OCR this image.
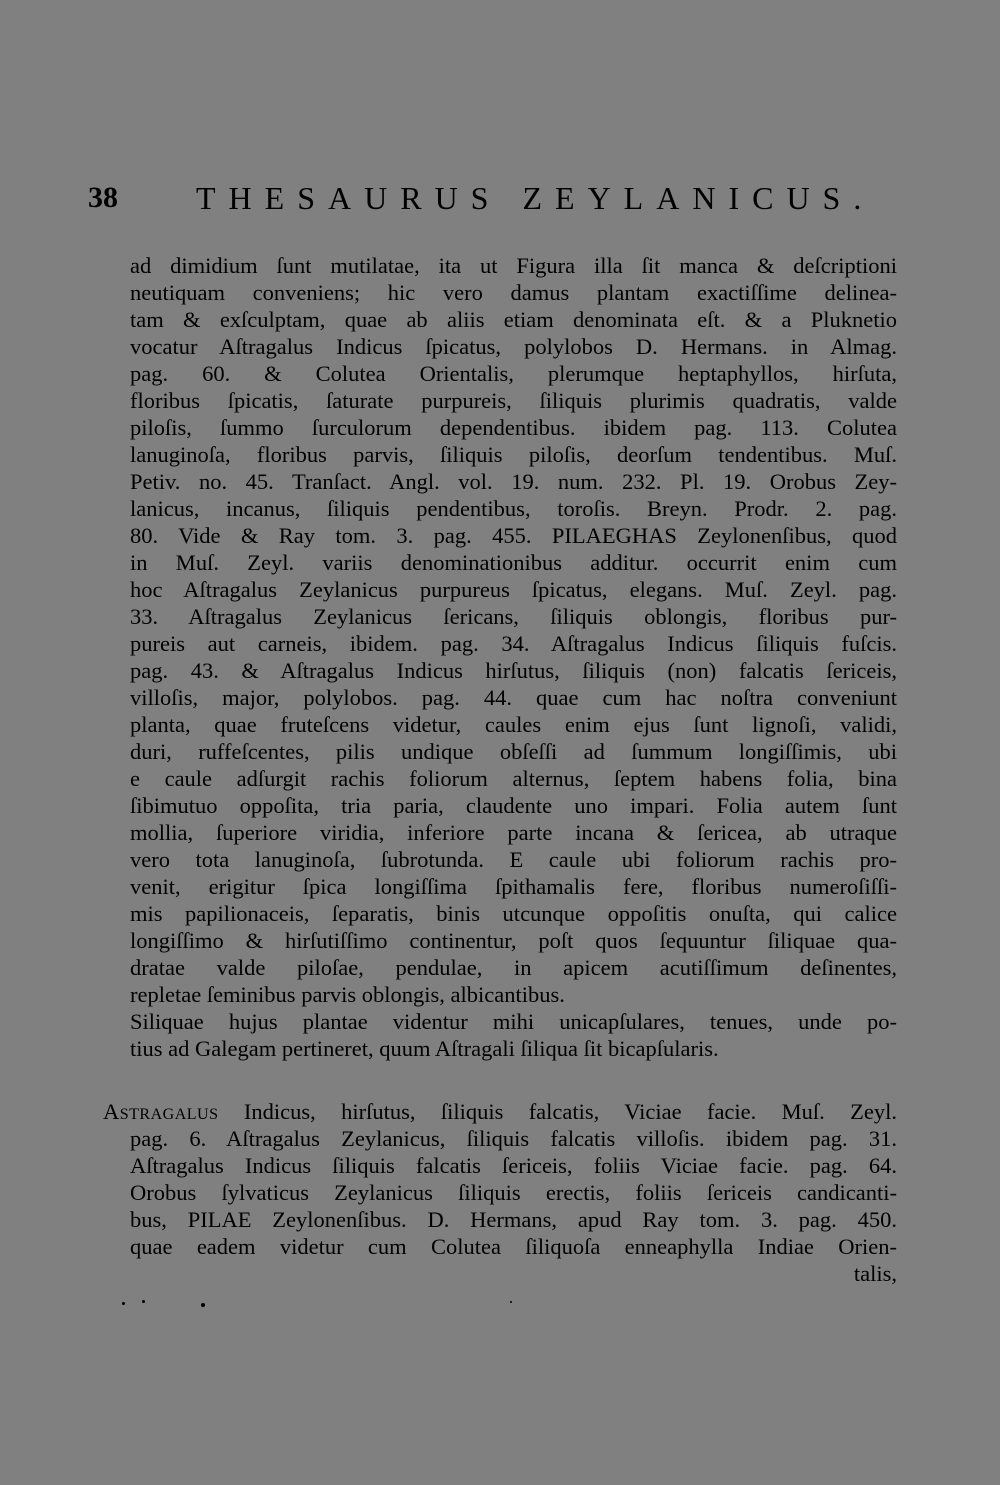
38 THESAURUS ZEYLANICUS.
ad dimidium ſunt mutilatae, ita ut Figura illa ſit manca & deſcriptioni
neutiquam conveniens; hic vero damus plantam exactiſſime delinea-
tam & exſculptam, quae ab aliis etiam denominata eſt. & a Pluknetio
vocatur Aſtragalus Indicus ſpicatus, polylobos D. Hermans. in Almag.
pag. 60. & Colutea Orientalis, plerumque heptaphyllos, hirſuta,
floribus ſpicatis, ſaturate purpureis, ſiliquis plurimis quadratis, valde
piloſis, ſummo ſurculorum dependentibus. ibidem pag. 113. Colutea
lanuginoſa, floribus parvis, ſiliquis piloſis, deorſum tendentibus. Muſ.
Petiv. no. 45. Tranſact. Angl. vol. 19. num. 232. Pl. 19. Orobus Zey-
lanicus, incanus, ſiliquis pendentibus, toroſis. Breyn. Prodr. 2. pag.
80. Vide & Ray tom. 3. pag. 455. PILAEGHAS Zeylonenſibus, quod
in Muſ. Zeyl. variis denominationibus additur. occurrit enim cum
hoc Aſtragalus Zeylanicus purpureus ſpicatus, elegans. Muſ. Zeyl. pag.
33. Aſtragalus Zeylanicus ſericans, ſiliquis oblongis, floribus pur-
pureis aut carneis, ibidem. pag. 34. Aſtragalus Indicus ſiliquis fuſcis.
pag. 43. & Aſtragalus Indicus hirſutus, ſiliquis (non) falcatis ſericeis,
villoſis, major, polylobos. pag. 44. quae cum hac noſtra conveniunt
planta, quae fruteſcens videtur, caules enim ejus ſunt lignoſi, validi,
duri, ruffeſcentes, pilis undique obſeſſi ad ſummum longiſſimis, ubi
e caule adſurgit rachis foliorum alternus, ſeptem habens folia, bina
ſibimutuo oppoſita, tria paria, claudente uno impari. Folia autem ſunt
mollia, ſuperiore viridia, inferiore parte incana & ſericea, ab utraque
vero tota lanuginoſa, ſubrotunda. E caule ubi foliorum rachis pro-
venit, erigitur ſpica longiſſima ſpithamalis fere, floribus numeroſiſſi-
mis papilionaceis, ſeparatis, binis utcunque oppoſitis onuſta, qui calice
longiſſimo & hirſutiſſimo continentur, poſt quos ſequuntur ſiliquae qua-
dratae valde piloſae, pendulae, in apicem acutiſſimum deſinentes,
repletae ſeminibus parvis oblongis, albicantibus.
Siliquae hujus plantae videntur mihi unicapſulares, tenues, unde po-
tius ad Galegam pertineret, quum Aſtragali ſiliqua ſit bicapſularis.
Astragalus Indicus, hirſutus, ſiliquis falcatis, Viciae facie. Muſ. Zeyl.
pag. 6. Aſtragalus Zeylanicus, ſiliquis falcatis villoſis. ibidem pag. 31.
Aſtragalus Indicus ſiliquis falcatis ſericeis, foliis Viciae facie. pag. 64.
Orobus ſylvaticus Zeylanicus ſiliquis erectis, foliis ſericeis candicanti-
bus, PILAE Zeylonenſibus. D. Hermans, apud Ray tom. 3. pag. 450.
quae eadem videtur cum Colutea ſiliquoſa enneaphylla Indiae Orien-
talis,
